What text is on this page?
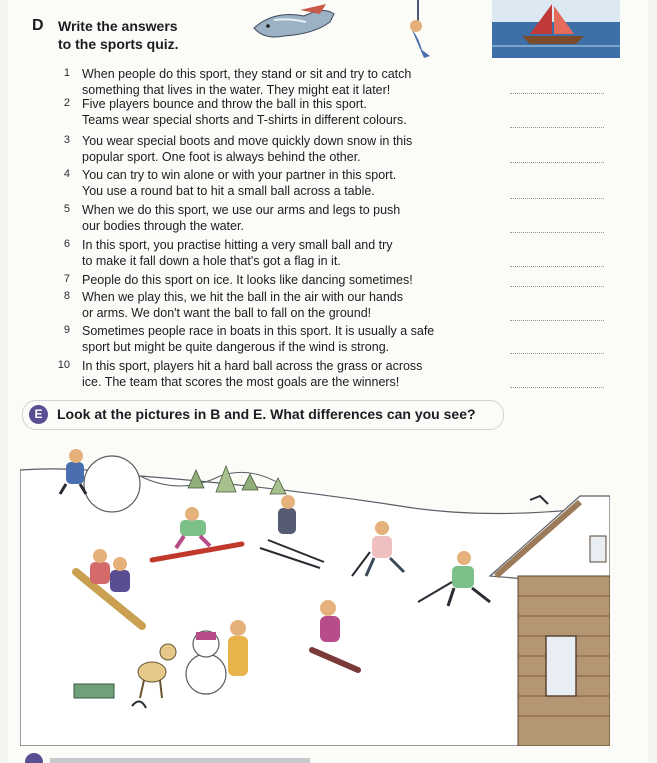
D Write the answers
to the sports quiz.
1 When people do this sport, they stand or sit and try to catch
something that lives in the water. They might eat it later!
2 Five players bounce and throw the ball in this sport.
Teams wear special shorts and T-shirts in different colours.
3 You wear special boots and move quickly down snow in this
popular sport. One foot is always behind the other.
4 You can try to win alone or with your partner in this sport.
You use a round bat to hit a small ball across a table.
5 When we do this sport, we use our arms and legs to push
our bodies through the water.
6 In this sport, you practise hitting a very small ball and try
to make it fall down a hole that's got a flag in it.
7 People do this sport on ice. It looks like dancing sometimes!
8 When we play this, we hit the ball in the air with our hands
or arms. We don't want the ball to fall on the ground!
9 Sometimes people race in boats in this sport. It is usually a safe
sport but might be quite dangerous if the wind is strong.
10 In this sport, players hit a hard ball across the grass or across
ice. The team that scores the most goals are the winners!
E	Look at the pictures in B and E. What differences can you see?
